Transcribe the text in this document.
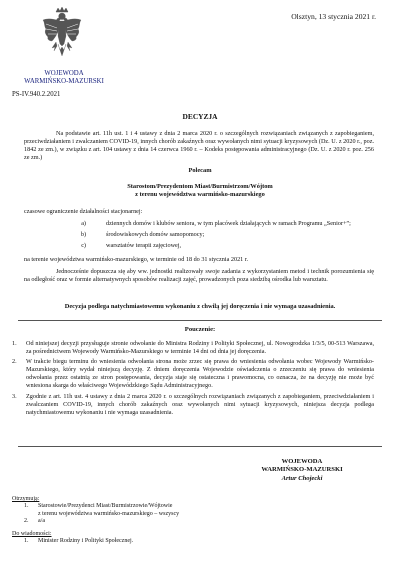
Olsztyn, 13 stycznia 2021 r.
WOJEWODA
WARMIŃSKO-MAZURSKI
PS-IV.940.2.2021
DECYZJA
Na podstawie art. 11h ust. 1 i 4 ustawy z dnia 2 marca 2020 r. o szczególnych rozwiązaniach związanych z zapobieganiem, przeciwdziałaniem i zwalczaniem COVID-19, innych chorób zakaźnych oraz wywołanych nimi sytuacji kryzysowych (Dz. U. z 2020 r., poz. 1842 ze zm.), w związku z art. 104 ustawy z dnia 14 czerwca 1960 r. – Kodeks postępowania administracyjnego (Dz. U. z 2020 r. poz. 256 ze zm.)
Polecam
Starostom/Prezydentom Miast/Burmistrzom/Wójtom
z terenu województwa warmińsko-mazurskiego
czasowe ograniczenie działalności stacjonarnej:
a)	dziennych domów i klubów seniora, w tym placówek działających w ramach Programu „Senior+”;
b)	środowiskowych domów samopomocy;
c)	warsztatów terapii zajęciowej,
na terenie województwa warmińsko-mazurskiego, w terminie od 18 do 31 stycznia 2021 r.
Jednocześnie dopuszcza się aby ww. jednostki realizowały swoje zadania z wykorzystaniem metod i technik porozumienia się na odległość oraz w formie alternatywnych sposobów realizacji zajęć, prowadzonych poza siedzibą ośrodka lub warsztatu.
Decyzja podlega natychmiastowemu wykonaniu z chwilą jej doręczenia i nie wymaga uzasadnienia.
Pouczenie:
1.	Od niniejszej decyzji przysługuje stronie odwołanie do Ministra Rodziny i Polityki Społecznej, ul. Nowogrodzka 1/3/5, 00-513 Warszawa, za pośrednictwem Wojewody Warmińsko-Mazurskiego w terminie 14 dni od dnia jej doręczenia.
2.	W trakcie biegu terminu do wniesienia odwołania strona może zrzec się prawa do wniesienia odwołania wobec Wojewody Warmińsko-Mazurskiego, który wydał niniejszą decyzję. Z dniem doręczenia Wojewodzie oświadczenia o zrzeczeniu się prawa do wniesienia odwołania przez ostatnią ze stron postępowania, decyzja staje się ostateczna i prawomocna, co oznacza, że na decyzję nie może być wniesiona skarga do właściwego Wojewódzkiego Sądu Administracyjnego.
3.	Zgodnie z art. 11h ust. 4 ustawy z dnia 2 marca 2020 r. o szczególnych rozwiązaniach związanych z zapobieganiem, przeciwdziałaniem i zwalczaniem COVID-19, innych chorób zakaźnych oraz wywołanych nimi sytuacji kryzysowych, niniejsza decyzja podlega natychmiastowemu wykonaniu i nie wymaga uzasadnienia.
WOJEWODA
WARMIŃSKO-MAZURSKI
Artur Chojecki
Otrzymują:
1.	Starostowie/Prezydenci Miast/Burmistrzowie/Wójtowie
z terenu województwa warmińsko-mazurskiego – wszyscy
2.	a/a
Do wiadomości:
1.	Minister Rodziny i Polityki Społecznej.
